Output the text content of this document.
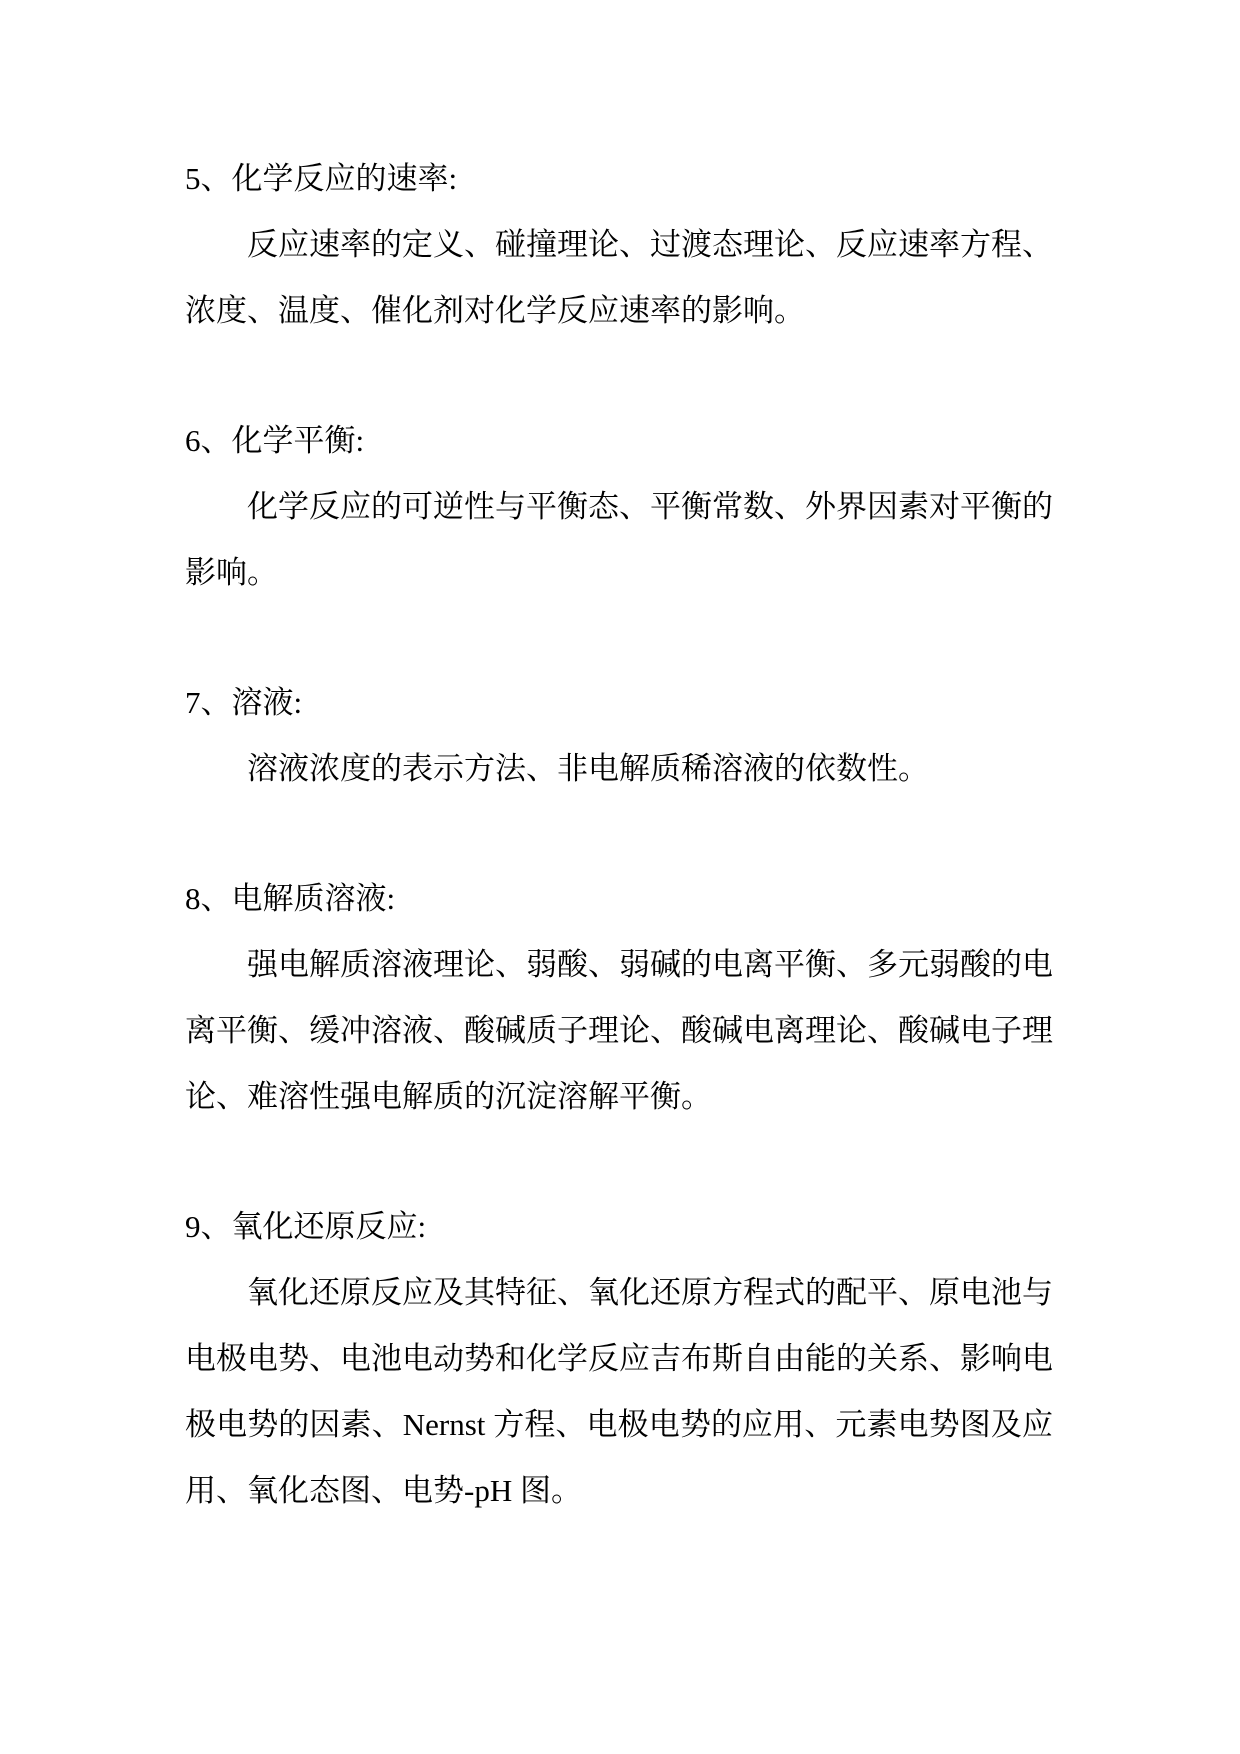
5、化学反应的速率:
反应速率的定义、碰撞理论、过渡态理论、反应速率方程、
浓度、温度、催化剂对化学反应速率的影响。
6、化学平衡:
化学反应的可逆性与平衡态、平衡常数、外界因素对平衡的
影响。
7、溶液:
溶液浓度的表示方法、非电解质稀溶液的依数性。
8、电解质溶液:
强电解质溶液理论、弱酸、弱碱的电离平衡、多元弱酸的电
离平衡、缓冲溶液、酸碱质子理论、酸碱电离理论、酸碱电子理
论、难溶性强电解质的沉淀溶解平衡。
9、氧化还原反应:
氧化还原反应及其特征、氧化还原方程式的配平、原电池与
电极电势、电池电动势和化学反应吉布斯自由能的关系、影响电
极电势的因素、Nernst 方程、电极电势的应用、元素电势图及应
用、氧化态图、电势-pH 图。
